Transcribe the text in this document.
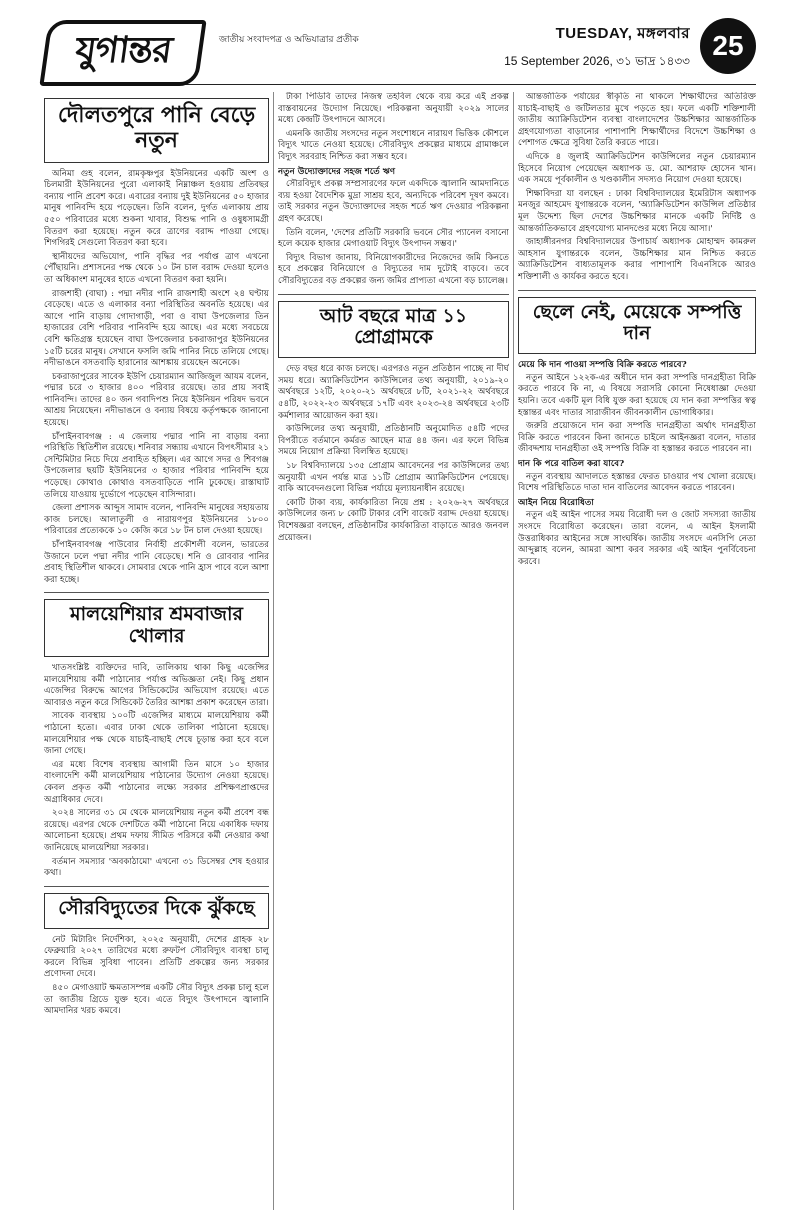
যুগান্তর	জাতীয় সংবাদপত্র ও অভিযাত্রার প্রতীক	TUESDAY, মঙ্গলবার
15 September 2026, ৩১ ভাদ্র ১৪৩৩ 25
দৌলতপুরে পানি বেড়ে নতুন

অনিমা গুহ বলেন, রামকৃষ্ণপুর ইউনিয়নের একটি অংশ ও চিলমারী ইউনিয়নের পুরো এলাকাই নিম্নাঞ্চল হওয়ায় প্রতিবছর বন্যায় পানি প্রবেশ করে। এবারের বন্যায় দুই ইউনিয়নের ৫০ হাজার মানুষ পানিবন্দি হয়ে পড়েছেন। তিনি বলেন, দুর্গত এলাকায় প্রায় ৫৫০ পরিবারের মধ্যে শুকনা খাবার, বিশুদ্ধ পানি ও ওষুধসামগ্রী বিতরণ করা হয়েছে। নতুন করে ত্রাণের বরাদ্দ পাওয়া গেছে। শিগগিরই সেগুলো বিতরণ করা হবে।

স্থানীয়দের অভিযোগ, পানি বৃদ্ধির পর পর্যাপ্ত ত্রাণ এখনো পৌঁছায়নি। প্রশাসনের পক্ষ থেকে ১০ টন চাল বরাদ্দ দেওয়া হলেও তা অধিকাংশ মানুষের হাতে এখনো বিতরণ করা হয়নি।

রাজশাহী (বাঘা) : পদ্মা নদীর পানি রাজশাহী অংশে ২৪ ঘণ্টায় বেড়েছে। এতে ও এলাকার বন্যা পরিস্থিতির অবনতি হয়েছে। এর আগে পানি বাড়ায় গোদাগাড়ী, পবা ও বাঘা উপজেলার তিন হাজারের বেশি পরিবার পানিবন্দি হয়ে আছে। এর মধ্যে সবচেয়ে বেশি ক্ষতিগ্রস্ত হয়েছেন বাঘা উপজেলার চকরাজাপুর ইউনিয়নের ১৫টি চরের মানুষ। সেখানে ফসলি জমি পানির নিচে তলিয়ে গেছে। নদীভাঙনে বসতবাড়ি হারানোর আশঙ্কায় রয়েছেন অনেকে।

চকরাজাপুরের সাবেক ইউপি চেয়ারম্যান আজিজুল আযম বলেন, পদ্মার চরে ৩ হাজার ৪০০ পরিবার রয়েছে। তার প্রায় সবাই পানিবন্দি। তাদের ৪০ জন গবাদিপশু নিয়ে ইউনিয়ন পরিষদ ভবনে আশ্রয় নিয়েছেন। নদীভাঙনে ও বন্যায় বিষয়ে কর্তৃপক্ষকে জানানো হয়েছে।

চাঁপাইনবাবগঞ্জ : এ জেলায় পদ্মার পানি না বাড়ায় বন্যা পরিস্থিতি স্থিতিশীল রয়েছে। শনিবার সন্ধ্যায় এখানে বিপৎসীমার ২১ সেন্টিমিটার নিচে দিয়ে প্রবাহিত হচ্ছিল। এর আগে সদর ও শিবগঞ্জ উপজেলার ছয়টি ইউনিয়নের ৩ হাজার পরিবার পানিবন্দি হয়ে পড়েছে। কোথাও কোথাও বসতবাড়িতে পানি ঢুকেছে। রাস্তাঘাট তলিয়ে যাওয়ায় দুর্ভোগে পড়েছেন বাসিন্দারা।

জেলা প্রশাসক আব্দুস সামাদ বলেন, পানিবন্দি মানুষের সহায়তায় কাজ চলছে। আলাতুলী ও নারায়ণপুর ইউনিয়নের ১৮০০ পরিবারের প্রত্যেককে ১০ কেজি করে ১৮ টন চাল দেওয়া হয়েছে।

চাঁপাইনবাবগঞ্জ পাউবোর নির্বাহী প্রকৌশলী বলেন, ভারতের উজানে ঢলে পদ্মা নদীর পানি বেড়েছে। শনি ও রোববার পানির প্রবাহ স্থিতিশীল থাকবে। সোমবার থেকে পানি হ্রাস পাবে বলে আশা করা হচ্ছে।

মালয়েশিয়ার শ্রমবাজার খোলার

খাতসংশ্লিষ্ট ব্যক্তিদের দাবি, তালিকায় থাকা কিছু এজেন্সির মালয়েশিয়ায় কর্মী পাঠানোর পর্যাপ্ত অভিজ্ঞতা নেই। কিছু প্রধান এজেন্সির বিরুদ্ধে আগের সিন্ডিকেটের অভিযোগ রয়েছে। এতে আবারও নতুন করে সিন্ডিকেট তৈরির আশঙ্কা প্রকাশ করেছেন তারা।

সাবেক ব্যবস্থায় ১০০টি এজেন্সির মাধ্যমে মালয়েশিয়ায় কর্মী পাঠানো হতো। এবার ঢাকা থেকে তালিকা পাঠানো হয়েছে। মালয়েশিয়ার পক্ষ থেকে যাচাই-বাছাই শেষে চূড়ান্ত করা হবে বলে জানা গেছে।

এর মধ্যে বিশেষ ব্যবস্থায় আগামী তিন মাসে ১০ হাজার বাংলাদেশি কর্মী মালয়েশিয়ায় পাঠানোর উদ্যোগ নেওয়া হয়েছে। কেবল প্রকৃত কর্মী পাঠানোর লক্ষ্যে সরকার প্রশিক্ষণপ্রাপ্তদের অগ্রাধিকার দেবে।

২০২৪ সালের ৩১ মে থেকে মালয়েশিয়ায় নতুন কর্মী প্রবেশ বন্ধ রয়েছে। এরপর থেকে দেশটিতে কর্মী পাঠানো নিয়ে একাধিক দফায় আলোচনা হয়েছে। প্রথম দফায় সীমিত পরিসরে কর্মী নেওয়ার কথা জানিয়েছে মালয়েশিয়া সরকার।

বর্তমান সমস্যার 'অবকাঠামো' এখনো ৩১ ডিসেম্বর শেষ হওয়ার কথা।

সৌরবিদ্যুতের দিকে ঝুঁকছে

নেট মিটারিং নির্দেশিকা, ২০২৫ অনুযায়ী, দেশের গ্রাহক ২৮ ফেব্রুয়ারি ২০২৭ তারিখের মধ্যে রুফটপ সৌরবিদ্যুৎ ব্যবস্থা চালু করলে বিভিন্ন সুবিধা পাবেন। প্রতিটি প্রকল্পের জন্য সরকার প্রণোদনা দেবে।

৪৫০ মেগাওয়াট ক্ষমতাসম্পন্ন একটি সৌর বিদ্যুৎ প্রকল্প চালু হলে তা জাতীয় গ্রিডে যুক্ত হবে। এতে বিদ্যুৎ উৎপাদনে জ্বালানি আমদানির খরচ কমবে।

টাকা পিডিবি তাদের নিজস্ব তহবিল থেকে ব্যয় করে এই প্রকল্প বাস্তবায়নের উদ্যোগ নিয়েছে। পরিকল্পনা অনুযায়ী ২০২৯ সালের মধ্যে কেন্দ্রটি উৎপাদনে আসবে।

এমনকি জাতীয় সংসদের নতুন সংশোধনে নারায়ণ ভিত্তিক কৌশলে বিদ্যুৎ খাতে নেওয়া হয়েছে। সৌরবিদ্যুৎ প্রকল্পের মাধ্যমে গ্রামাঞ্চলে বিদ্যুৎ সরবরাহ নিশ্চিত করা সম্ভব হবে।

নতুন উদ্যোক্তাদের সহজ শর্তে ঋণ

সৌরবিদ্যুৎ প্রকল্প সম্প্রসারণের ফলে একদিকে জ্বালানি আমদানিতে ব্যয় হওয়া বৈদেশিক মুদ্রা সাশ্রয় হবে, অন্যদিকে পরিবেশ দূষণ কমবে। তাই সরকার নতুন উদ্যোক্তাদের সহজ শর্তে ঋণ দেওয়ার পরিকল্পনা গ্রহণ করেছে।

তিনি বলেন, 'দেশের প্রতিটি সরকারি ভবনে সৌর প্যানেল বসানো হলে কয়েক হাজার মেগাওয়াট বিদ্যুৎ উৎপাদন সম্ভব।'

বিদ্যুৎ বিভাগ জানায়, বিনিয়োগকারীদের নিজেদের জমি কিনতে হবে প্রকল্পের বিনিয়োগে ও বিদ্যুতের দাম দুটোই বাড়বে। তবে সৌরবিদ্যুতের বড় প্রকল্পের জন্য জমির প্রাপ্যতা এখনো বড় চ্যালেঞ্জ।

আট বছরে মাত্র ১১ প্রোগ্রামকে

দেড় বছর ধরে কাজ চলছে। এরপরও নতুন প্রতিষ্ঠান পাচ্ছে না দীর্ঘ সময় ধরে। অ্যাক্রিডিটেশন কাউন্সিলের তথ্য অনুযায়ী, ২০১৯-২০ অর্থবছরে ১২টি, ২০২০-২১ অর্থবছরে ৮টি, ২০২১-২২ অর্থবছরে ৫৪টি, ২০২২-২৩ অর্থবছরে ১৭টি এবং ২০২৩-২৪ অর্থবছরে ২৩টি কর্মশালার আয়োজন করা হয়।

কাউন্সিলের তথ্য অনুযায়ী, প্রতিষ্ঠানটি অনুমোদিত ৫৪টি পদের বিপরীতে বর্তমানে কর্মরত আছেন মাত্র ৪৪ জন। এর ফলে বিভিন্ন সময়ে নিয়োগ প্রক্রিয়া বিলম্বিত হয়েছে।

১৮ বিশ্ববিদ্যালয়ে ১৩৫ প্রোগ্রাম আবেদনের পর কাউন্সিলের তথ্য অনুযায়ী এখন পর্যন্ত মাত্র ১১টি প্রোগ্রাম অ্যাক্রিডিটেশন পেয়েছে। বাকি আবেদনগুলো বিভিন্ন পর্যায়ে মূল্যায়নাধীন রয়েছে।

কোটি টাকা ব্যয়, কার্যকারিতা নিয়ে প্রশ্ন : ২০২৬-২৭ অর্থবছরে কাউন্সিলের জন্য ৮ কোটি টাকার বেশি বাজেট বরাদ্দ দেওয়া হয়েছে। বিশেষজ্ঞরা বলছেন, প্রতিষ্ঠানটির কার্যকারিতা বাড়াতে আরও জনবল প্রয়োজন।

আন্তর্জাতিক পর্যায়ের স্বীকৃতি না থাকলে শিক্ষার্থীদের অতিরিক্ত যাচাই-বাছাই ও জটিলতার মুখে পড়তে হয়। ফলে একটি শক্তিশালী জাতীয় অ্যাক্রিডিটেশন ব্যবস্থা বাংলাদেশের উচ্চশিক্ষার আন্তর্জাতিক গ্রহণযোগ্যতা বাড়ানোর পাশাপাশি শিক্ষার্থীদের বিদেশে উচ্চশিক্ষা ও পেশাগত ক্ষেত্রে সুবিধা তৈরি করতে পারে।

এদিকে ৪ জুলাই অ্যাক্রিডিটেশন কাউন্সিলের নতুন চেয়ারম্যান হিসেবে নিয়োগ পেয়েছেন অধ্যাপক ড. মো. আশরাফ হোসেন খান। এক সময়ে পূর্বকালীন ও খণ্ডকালীন সদস্যও নিয়োগ দেওয়া হয়েছে।

শিক্ষাবিদরা যা বলছেন : ঢাকা বিশ্ববিদ্যালয়ের ইমেরিটাস অধ্যাপক মনজুর আহমেদ যুগান্তরকে বলেন, 'অ্যাক্রিডিটেশন কাউন্সিল প্রতিষ্ঠার মূল উদ্দেশ্য ছিল দেশের উচ্চশিক্ষার মানকে একটি নির্দিষ্ট ও আন্তর্জাতিকভাবে গ্রহণযোগ্য মানদণ্ডের মধ্যে নিয়ে আসা।'

জাহাঙ্গীরনগর বিশ্ববিদ্যালয়ের উপাচার্য অধ্যাপক মোহাম্মদ কামরুল আহসান যুগান্তরকে বলেন, উচ্চশিক্ষার মান নিশ্চিত করতে অ্যাক্রিডিটেশন বাধ্যতামূলক করার পাশাপাশি বিএনসিকে আরও শক্তিশালী ও কার্যকর করতে হবে।

ছেলে নেই, মেয়েকে সম্পত্তি দান
মেয়ে কি দান পাওয়া সম্পত্তি বিক্রি করতে পারবে?

নতুন আইনে ১২২ক-এর অধীনে দান করা সম্পত্তি দানগ্রহীতা বিক্রি করতে পারবে কি না, এ বিষয়ে সরাসরি কোনো নিষেধাজ্ঞা দেওয়া হয়নি। তবে একটি মূল বিধি যুক্ত করা হয়েছে যে দান করা সম্পত্তির স্বত্ব হস্তান্তর এবং দাতার সারাজীবন জীবনকালীন ভোগাধিকার।

জরুরি প্রয়োজনে দান করা সম্পত্তি দানগ্রহীতা অর্থাৎ দানগ্রহীতা বিক্রি করতে পারবেন কিনা জানতে চাইলে আইনজ্ঞরা বলেন, দাতার জীবদ্দশায় দানগ্রহীতা ওই সম্পত্তি বিক্রি বা হস্তান্তর করতে পারবেন না।

দান কি পরে বাতিল করা যাবে?

নতুন ব্যবস্থায় আদালতে হস্তান্তর ফেরত চাওয়ার পথ খোলা রয়েছে। বিশেষ পরিস্থিতিতে দাতা দান বাতিলের আবেদন করতে পারবেন।

আইন নিয়ে বিরোধিতা

নতুন এই আইন পাসের সময় বিরোধী দল ও জোট সদস্যরা জাতীয় সংসদে বিরোধিতা করেছেন। তারা বলেন, এ আইন ইসলামী উত্তরাধিকার আইনের সঙ্গে সাংঘর্ষিক। জাতীয় সংসদে এনসিপি নেতা আব্দুল্লাহ বলেন, আমরা আশা করব সরকার এই আইন পুনর্বিবেচনা করবে।
